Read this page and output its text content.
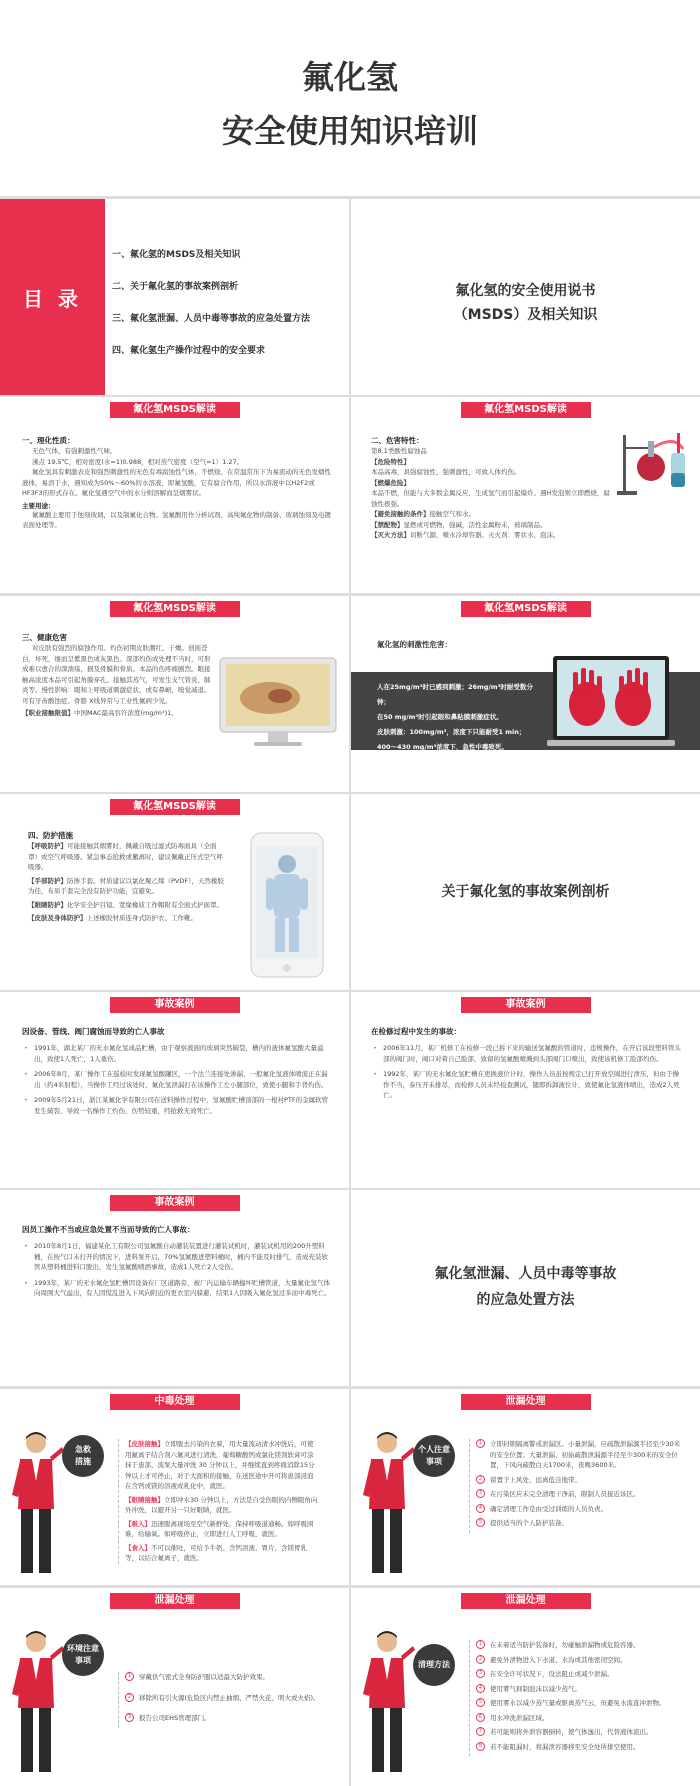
氟化氢
安全使用知识培训
目 录
一、氟化氢的MSDS及相关知识
二、关于氟化氢的事故案例剖析
三、氟化氢泄漏、人员中毒等事故的应急处置方法
四、氟化氢生产操作过程中的安全要求
氟化氢的安全使用说书
（MSDS）及相关知识
氟化氢MSDS解读
一、理化性质：
无色气体，有强刺激性气味。
沸点 19.5℃，相对密度(水=1)0.988，相对蒸气密度（空气=1）1.27。
氟化氢具有刺激表皮和强烈刺激性的无色有毒腐蚀性气体，不燃烧。在常温常压下为易流动的无色发烟性液体，易溶于水，遇知成为50%～60%的水溶液，即氟氢酸，它有腐合作用，所以水溶液中以H2F2或HF3F3的形式存在。氟化氢遇空气中的水分则溶解而呈烟雾状。
主要用途：
氟氟酸主要用于蚀刻玻璃，以及制氟化合物。氢氟酸用作分析试剂、高纯氟化物的制备、玻璃蚀刻及电镀表面处理等。
氟化氢MSDS解读
二、危害特性：
第8.1类酸性腐蚀品
【危险特性】
本品高毒，具强腐蚀性，强刺激性，可致人体灼伤。
【燃爆危险】
本品不燃，但能与大多数金属反应，生成氢气而引起爆炸。遇H发泡则立即燃烧，腐蚀性极强。
【避免接触的条件】接触空气和水。
【禁配物】显燃或可燃物，强碱，活性金属粉末，玻璃制品。
【灭火方法】切断气源，喷水冷却容器。灭火剂：雾状水、泡沫。
氟化氢MSDS解读
三、健康危害
对皮肤有强烈的腐蚀作用。灼伤初期皮肤潮红、干燥。创面苍白，坏死，继而呈紫黑色或灰黑色。深部灼伤或处理不当时，可形成难以愈合的深溃疡，损及骨膜和骨质。本品的伤疼痛剧烈。眼接触高浓度本品可引起角膜穿孔。接触其蒸气，可发生支气管炎、肺炎等。慢性影响：眼和上呼吸道刺激症状，或有鼻衄，嗅觉减退。可有牙齿酸蚀症。骨骼 X线异常与工业性氟病少见。
【职业接触限值】中国MAC最高容许浓度(mg/m³)1。
氟化氢MSDS解读
氟化氢的刺激性危害：
人在25mg/m³时已感到刺激；26mg/m³时耐受数分钟；
在50 mg/m³时引起眼和鼻粘膜刺激症状。
皮肤刺激：100mg/m³，浓度下只能耐受1 min；
400～430 mg/m³浓度下，急性中毒致死。
氟化氢MSDS解读
四、防护措施
【呼吸防护】可能接触其烟雾时，佩戴自吸过滤式防毒面具（全面罩）或空气呼吸器。紧急事态抢救或撤离时，建议佩戴正压式空气呼吸器。
【手部防护】防渗手套。材质建议以氯化聚乙烯（PVDF），天然橡胶为佳，布质手套完全没有防护功能，宜避免。
【眼睛防护】化学安全护目镜、宽缘橡质工作帽附有全面式护面罩。
【皮肤及身体防护】上述橡胶材质连身式防护衣、工作靴。
关于氟化氢的事故案例剖析
事故案例
因设备、管线、阀门腐蚀而导致的亡人事故
• 1991年，湖北某厂的无水氟化氢成品贮槽，由于观察液面的玻璃突然破裂，槽内的液体氟氢酸大量溢出，致使1人死亡，1人重伤。
• 2006年8月，某厂操作工在巡检时发现氟氢酸罐区，一个法兰连接处渗漏，一般氟化氢液体喷流正在漏出（约4米射程），当操作工经过该处时，氟化氢泄漏打在该操作工左小腿部位，致使小腿和手背灼伤。
• 2009年5月21日，浙江某氟化学有限公司在送料操作过程中，氢氟酸贮槽顶部的一根衬PTF的金属软管发生破裂，导致一名操作工灼伤，伤势较重，经抢救无效死亡。
事故案例
在检修过程中发生的事故：
• 2006年11月，某厂机修工在检修一段已拆下来的输送氢氟酸的管道时，违规操作，在开启该段塑料管头部的阀门时，阀口对着自己脸部，致留的氢氟酸喷溅到头部阀门口喷出，致使该机修工脸部灼伤。
• 1992年，某厂的无水氟化氢贮槽在更换液位计时，操作人员虽按规定已打开放空阀进行泄压，但由于操作不当，泰压开未排尽，而检修人员未经检查测试，随即拆卸液位计，致使氟化氢液体喷出，造成2人死亡。
事故案例
因员工操作不当或应急处置不当而导致的亡人事故：
• 2010年8月1日，福建某化工有限公司氢氟酸自动灌装装置进行灌装试机时，灌装试机用的200升塑料桶，在按气口未打开的情况下，进料泵开启，70%氢氟酸进塑料桶时，桶内不能及时排气，造成充装软管从塑料桶进料口脱出，发生氢氟酸喷洒事故，造成1人死亡2人受伤。
• 1993年，某厂的无水氟化氢贮槽因设备在厂区道路旁，被厂内运输车辆撞坏贮槽管道，大量氟化氢气体向周围大气溢出，有人因慌乱进入下风向附近的更衣室内躲避，结果1人因吸入氟化氢过多而中毒死亡。
氟化氢泄漏、人员中毒等事故
的应急处置方法
中毒处理
急救
措施
【皮肤接触】立即脱去污染的衣着，用大量流动清水冲洗后，可使用氟离子结合剂六氟灵进行清洗，葡萄糖酸钙或氯化镁剂软膏可涂抹于患部，流泵大量冲洗 30 分钟以上，并继续直到疼痛消除15分钟以上才可停止，对于大面积的接触，在送医途中开可将患部浸泡在含钙或镁的溶液或乳化中，就医。
【眼睛接触】立即冲水30 分钟以上，方法是自受伤眼的内侧眼角向外冲洗，以避开另一只好眼睛，就医。
【吸入】迅速脱离现场至空气新鲜处，保持呼吸道通畅。如呼吸困难，给输氧。如呼吸停止，立即进行人工呼吸，就医。
【食入】不可以催吐，可给予牛奶、含钙溶液、胃片、含镁胃乳等，以结合氟离子，就医。
泄漏处理
个人注意
事项
1	立即封锁隔离警戒泄漏区。小量泄漏，应疏散泄漏源半径至少30米的安全位置；大量泄漏、初始疏散泄漏源半径至少300米的安全位置，下风向疏散白天1700米，夜晚3600米。
2	留置于上风处，远离低洼地带。
3	在污染区应未完全清理干净前，限制人员接近该区。
4	确定清理工作是由受过训练的人员负责。
5	提供适当的个人防护装备。
泄漏处理
环境注意
事项
1	穿戴供气密式全身防护服以适最大防护效果。
2	移除所有引火源(危险区内禁止抽烟、严禁火花、明火或火焰)。
3	报告公司EHS管理部门。
泄漏处理
清理方法
1	在未着适当防护装备时，勿碰触泄漏物或危险容器。
2	避免外泄物进入下水道、水沟或其他密闭空间。
3	在安全许可状况下，设法阻止或减少泄漏。
4	使用雾气抑制泡沫以减少蒸气。
5	使用雾水以减少蒸气量或驱离蒸气云，但避免水流直冲泄物。
6	用水冲洗泄漏区域。
7	若可能则将外泄容器倒转，使气体逸出，代替液体流出。
8	若不能阻漏时，将漏泄容器移至安全处所排空使用。
